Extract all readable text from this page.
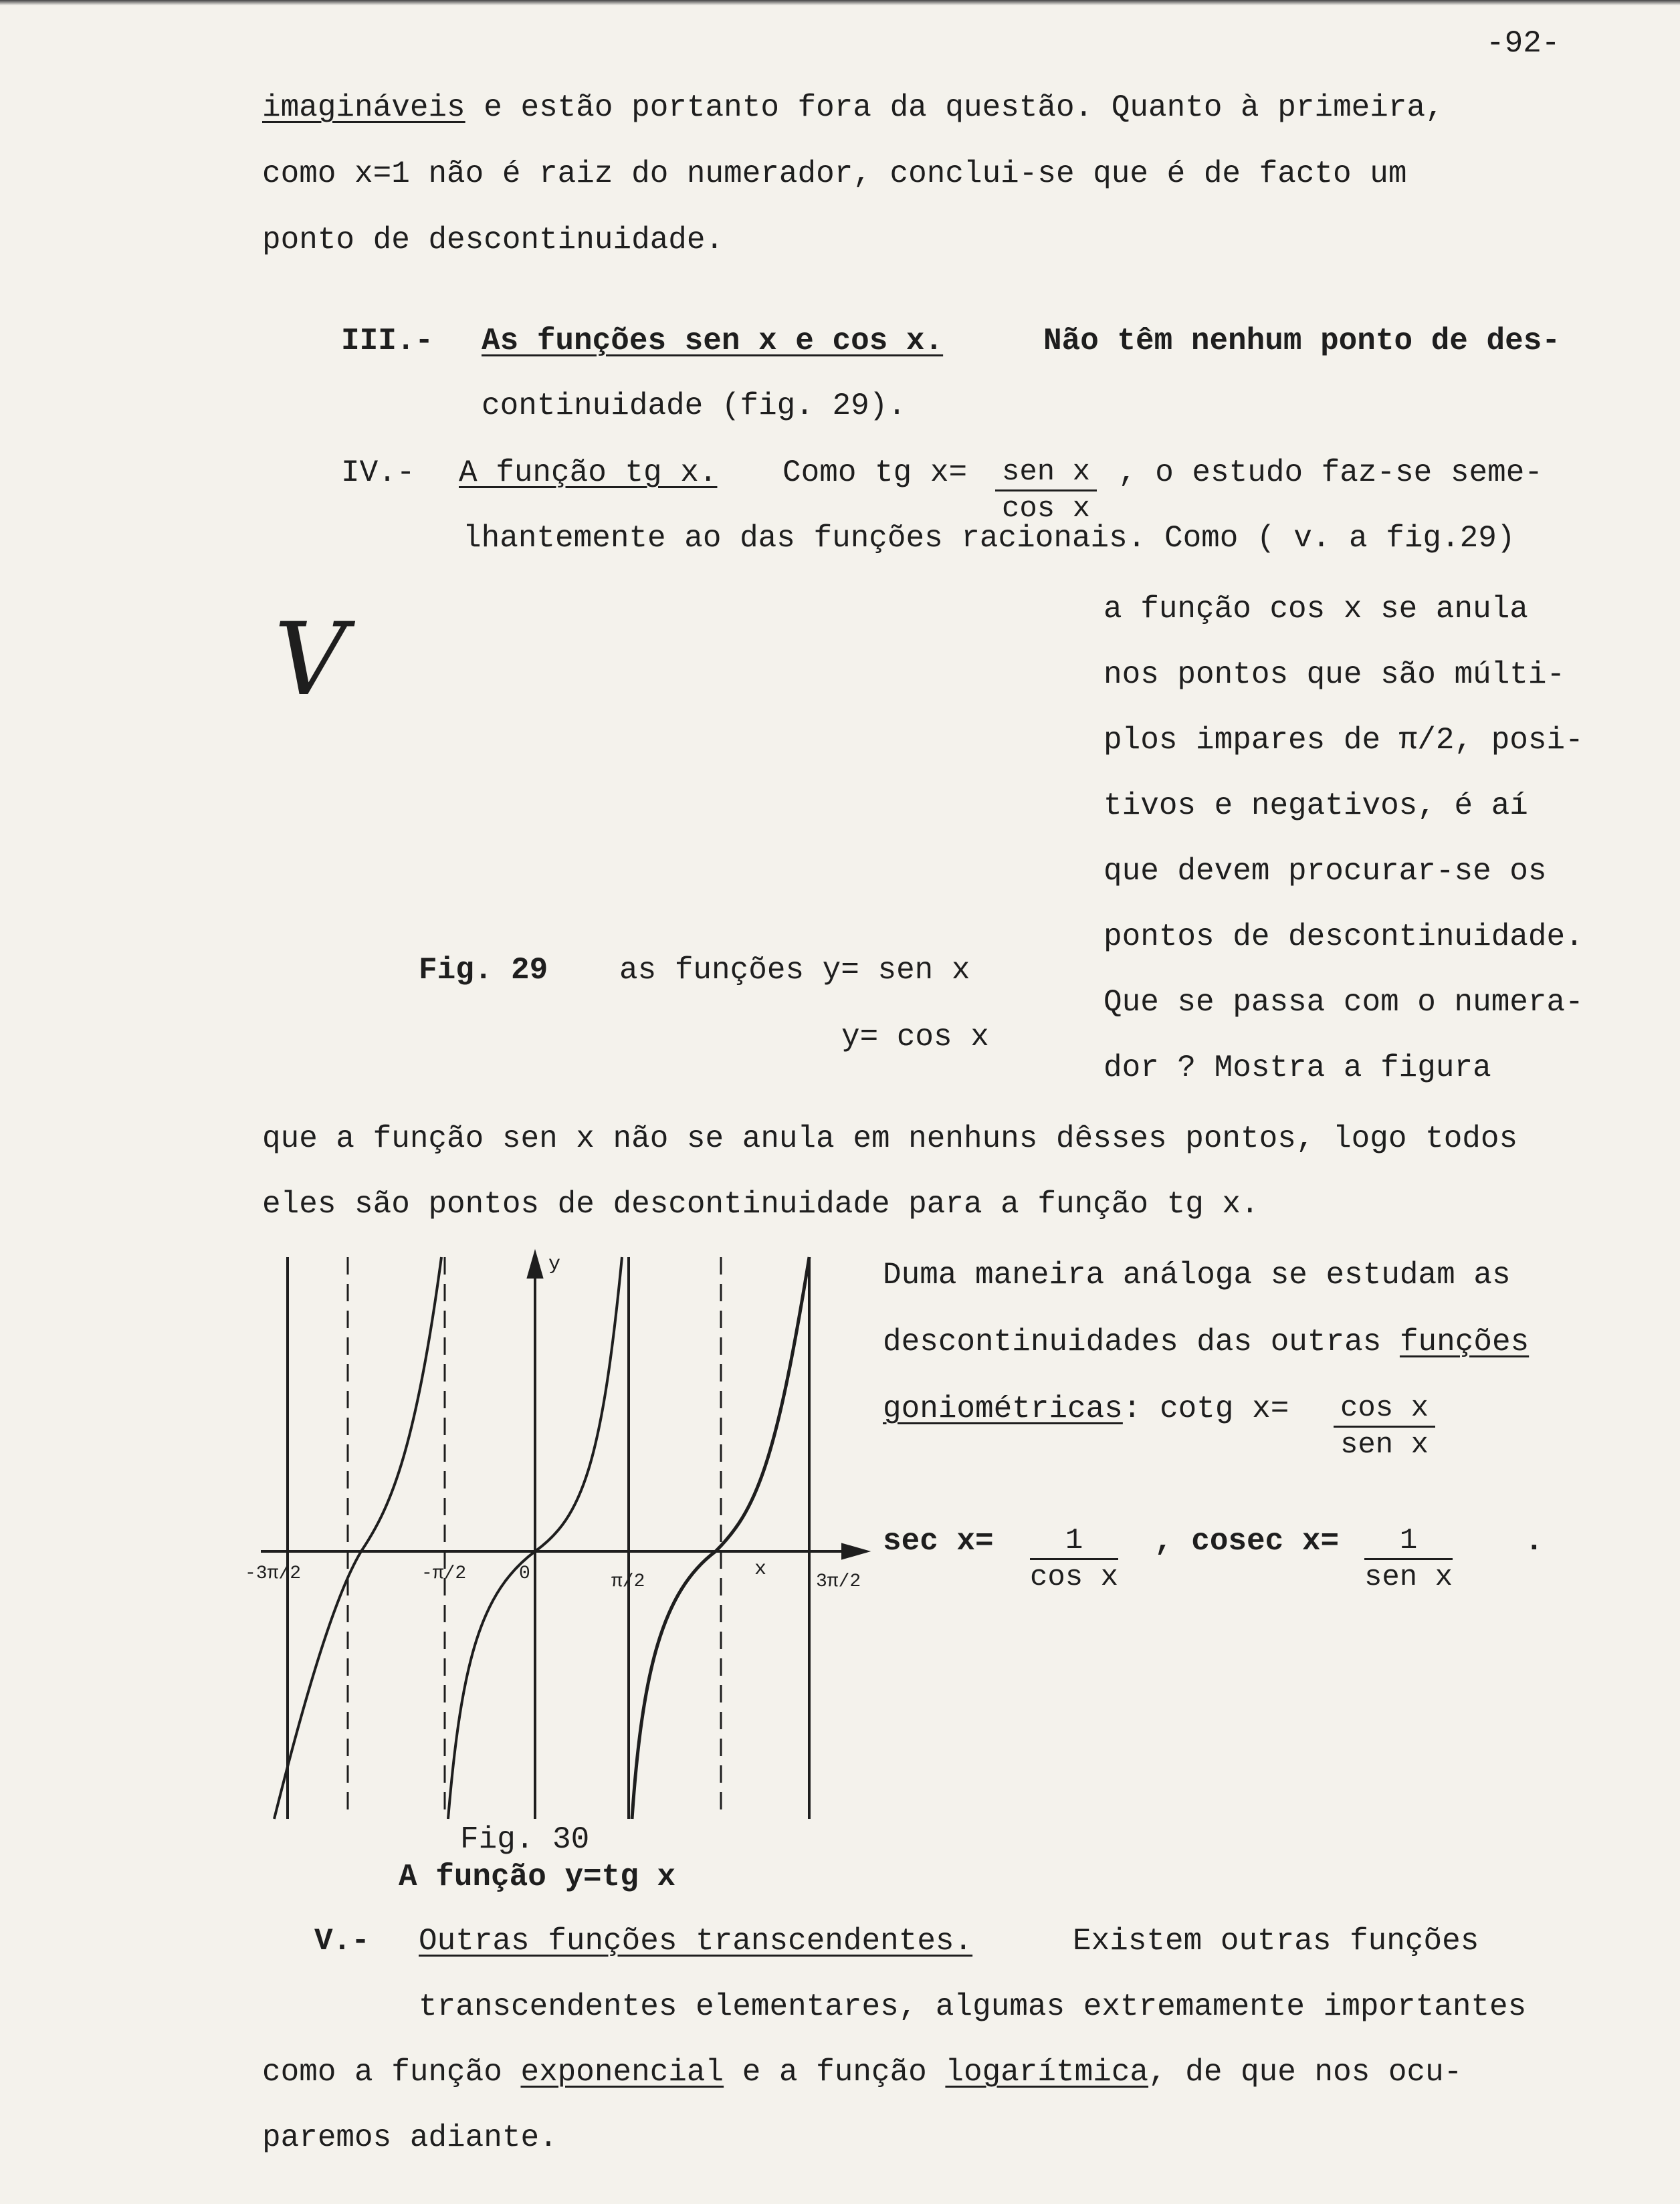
-92-
imagináveis e estão portanto fora da questão. Quanto à primeira,
como x=1 não é raiz do numerador, conclui-se que é de facto um
ponto de descontinuidade.
III.- As funções sen x e cos x.	Não têm nenhum ponto de des-
continuidade (fig. 29).
IV.- A função tg x. Como tg x= sen x
cos x
, o estudo faz-se seme-
lhantemente ao das funções racionais. Como ( v. a fig.29)
a função cos x se anula
nos pontos que são múlti-
plos impares de π/2, posi-
tivos e negativos, é aí
que devem procurar-se os
pontos de descontinuidade.
Que se passa com o numera-
dor ? Mostra a figura
V
Fig. 29 as funções y= sen x
y= cos x
que a função sen x não se anula em nenhuns dêsses pontos, logo todos
eles são pontos de descontinuidade para a função tg x.
y
x
-3π/2	-π/2	0	π/2	3π/2
Fig. 30
A função y=tg x
Duma maneira análoga se estudam as
descontinuidades das outras funções
goniométricas: cotg x= cos x
sen x
$\sec x= \frac{1}{\text{cos x}}$ , cosec x=	1
sen x
.
V.- Outras funções transcendentes.	Existem outras funções
transcendentes elementares, algumas extremamente importantes
como a função exponencial e a função logarítmica, de que nos ocu-
paremos adiante.
